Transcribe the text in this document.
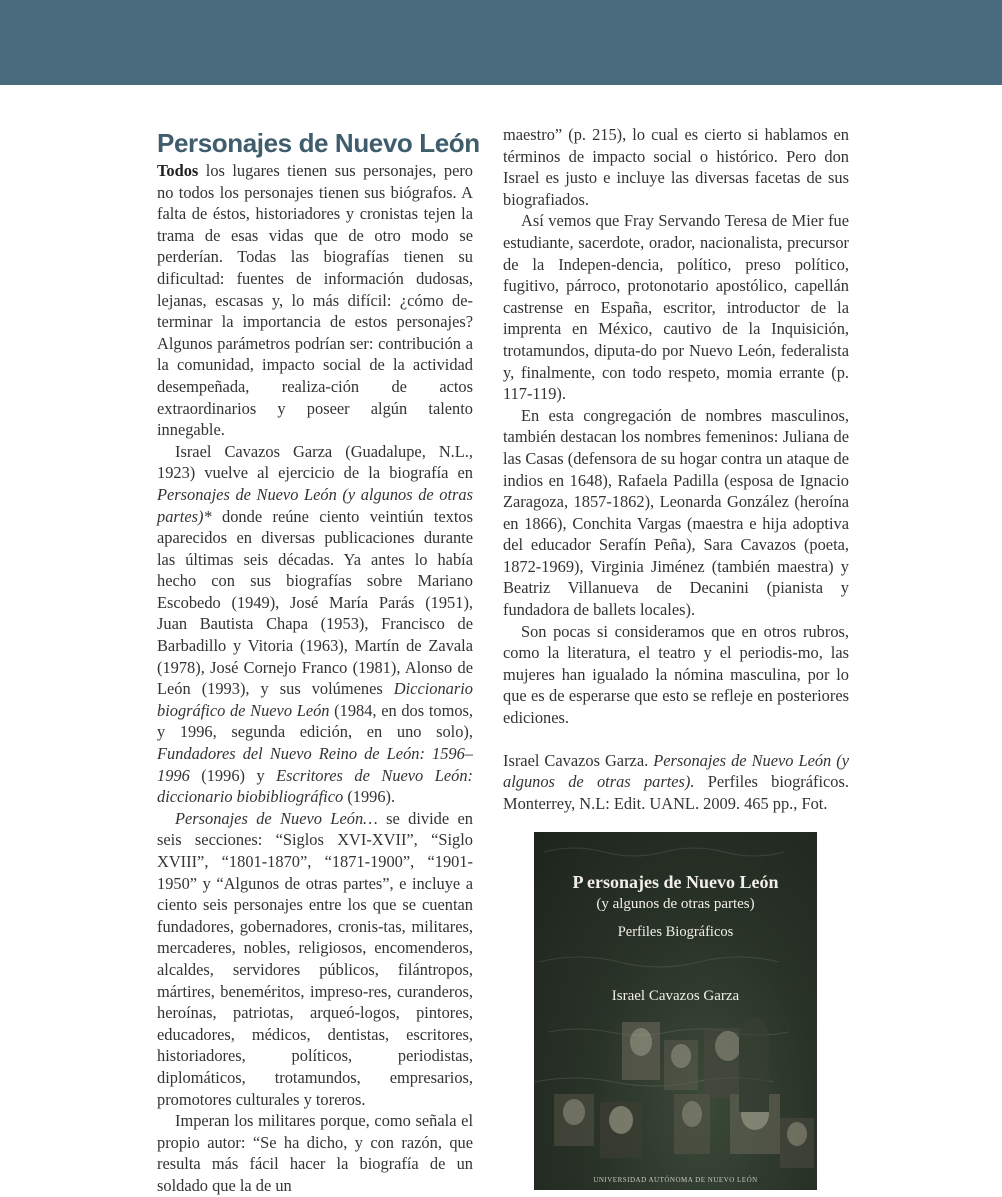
Personajes de Nuevo León

Todos los lugares tienen sus personajes, pero no todos los personajes tienen sus biógrafos. A falta de éstos, historiadores y cronistas tejen la trama de esas vidas que de otro modo se perderían. Todas las biografías tienen su dificultad: fuentes de información dudosas, lejanas, escasas y, lo más difícil: ¿cómo de-terminar la importancia de estos personajes? Algunos parámetros podrían ser: contribución a la comunidad, impacto social de la actividad desempeñada, realiza-ción de actos extraordinarios y poseer algún talento innegable.

Israel Cavazos Garza (Guadalupe, N.L., 1923) vuelve al ejercicio de la biografía en Personajes de Nuevo León (y algunos de otras partes)* donde reúne ciento veintiún textos aparecidos en diversas publicaciones durante las últimas seis décadas. Ya antes lo había hecho con sus biografías sobre Mariano Escobedo (1949), José María Parás (1951), Juan Bautista Chapa (1953), Francisco de Barbadillo y Vitoria (1963), Martín de Zavala (1978), José Cornejo Franco (1981), Alonso de León (1993), y sus volúmenes Diccionario biográfico de Nuevo León (1984, en dos tomos, y 1996, segunda edición, en uno solo), Fundadores del Nuevo Reino de León: 1596–1996 (1996) y Escritores de Nuevo León: diccionario biobibliográfico (1996).

Personajes de Nuevo León… se divide en seis secciones: “Siglos XVI-XVII”, “Siglo XVIII”, “1801-1870”, “1871-1900”, “1901-1950” y “Algunos de otras partes”, e incluye a ciento seis personajes entre los que se cuentan fundadores, gobernadores, cronis-tas, militares, mercaderes, nobles, religiosos, encomenderos, alcaldes, servidores públicos, filántropos, mártires, beneméritos, impreso-res, curanderos, heroínas, patriotas, arqueó-logos, pintores, educadores, médicos, dentistas, escritores, historiadores, políticos, periodistas, diplomáticos, trotamundos, empresarios, promotores culturales y toreros.

Imperan los militares porque, como señala el propio autor: “Se ha dicho, y con razón, que resulta más fácil hacer la biografía de un soldado que la de un

maestro” (p. 215), lo cual es cierto si hablamos en términos de impacto social o histórico. Pero don Israel es justo e incluye las diversas facetas de sus biografiados.

Así vemos que Fray Servando Teresa de Mier fue estudiante, sacerdote, orador, nacionalista, precursor de la Indepen-dencia, político, preso político, fugitivo, párroco, protonotario apostólico, capellán castrense en España, escritor, introductor de la imprenta en México, cautivo de la Inquisición, trotamundos, diputa-do por Nuevo León, federalista y, finalmente, con todo respeto, momia errante (p. 117-119).

En esta congregación de nombres masculinos, también destacan los nombres femeninos: Juliana de las Casas (defensora de su hogar contra un ataque de indios en 1648), Rafaela Padilla (esposa de Ignacio Zaragoza, 1857-1862), Leonarda González (heroína en 1866), Conchita Vargas (maestra e hija adoptiva del educador Serafín Peña), Sara Cavazos (poeta, 1872-1969), Virginia Jiménez (también maestra) y Beatriz Villanueva de Decanini (pianista y fundadora de ballets locales).

Son pocas si consideramos que en otros rubros, como la literatura, el teatro y el periodis-mo, las mujeres han igualado la nómina masculina, por lo que es de esperarse que esto se refleje en posteriores ediciones.

Israel Cavazos Garza. Personajes de Nuevo León (y algunos de otras partes). Perfiles biográficos. Monterrey, N.L: Edit. UANL. 2009. 465 pp., Fot.

P ersonajes de Nuevo León
(y algunos de otras partes)
Perfiles Biográficos
Israel Cavazos Garza
UNIVERSIDAD AUTÓNOMA DE NUEVO LEÓN
